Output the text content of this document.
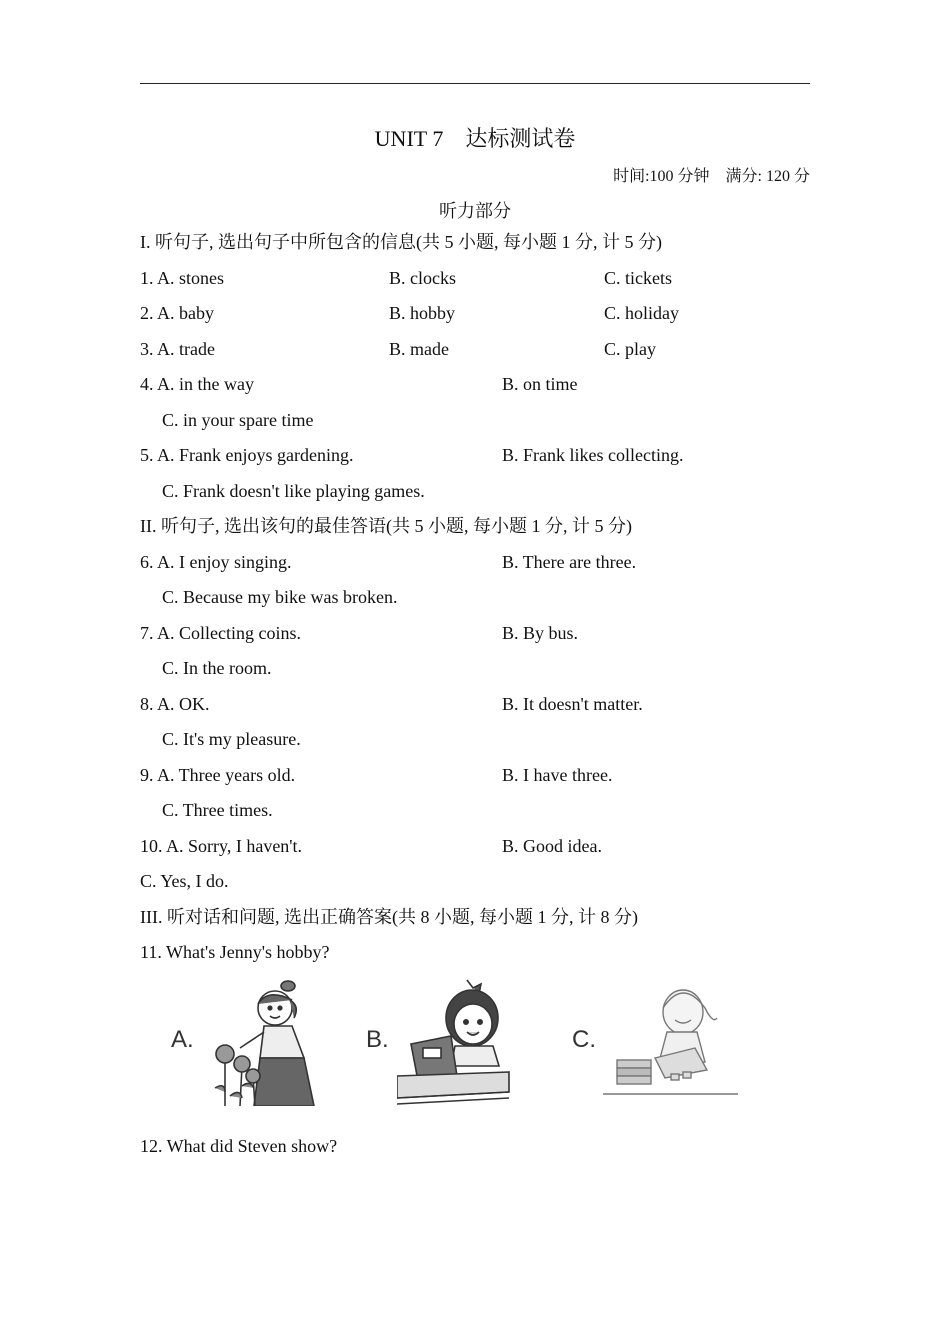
UNIT 7　达标测试卷
时间:100 分钟　满分: 120 分
听力部分
I. 听句子, 选出句子中所包含的信息(共 5 小题, 每小题 1 分, 计 5 分)
1. A. stones	B. clocks	C. tickets
2. A. baby	B. hobby	C. holiday
3. A. trade	B. made	C. play
4. A. in the way	B. on time
C. in your spare time
5. A. Frank enjoys gardening.	B. Frank likes collecting.
C. Frank doesn't like playing games.
II. 听句子, 选出该句的最佳答语(共 5 小题, 每小题 1 分, 计 5 分)
6. A. I enjoy singing.	B. There are three.
C. Because my bike was broken.
7. A. Collecting coins.	B. By bus.
C. In the room.
8. A. OK.	B. It doesn't matter.
C. It's my pleasure.
9. A. Three years old.	B. I have three.
C. Three times.
10. A. Sorry, I haven't.	B. Good idea.
C. Yes, I do.
III. 听对话和问题, 选出正确答案(共 8 小题, 每小题 1 分, 计 8 分)
11. What's Jenny's hobby?
A.	B.	C.
12. What did Steven show?
